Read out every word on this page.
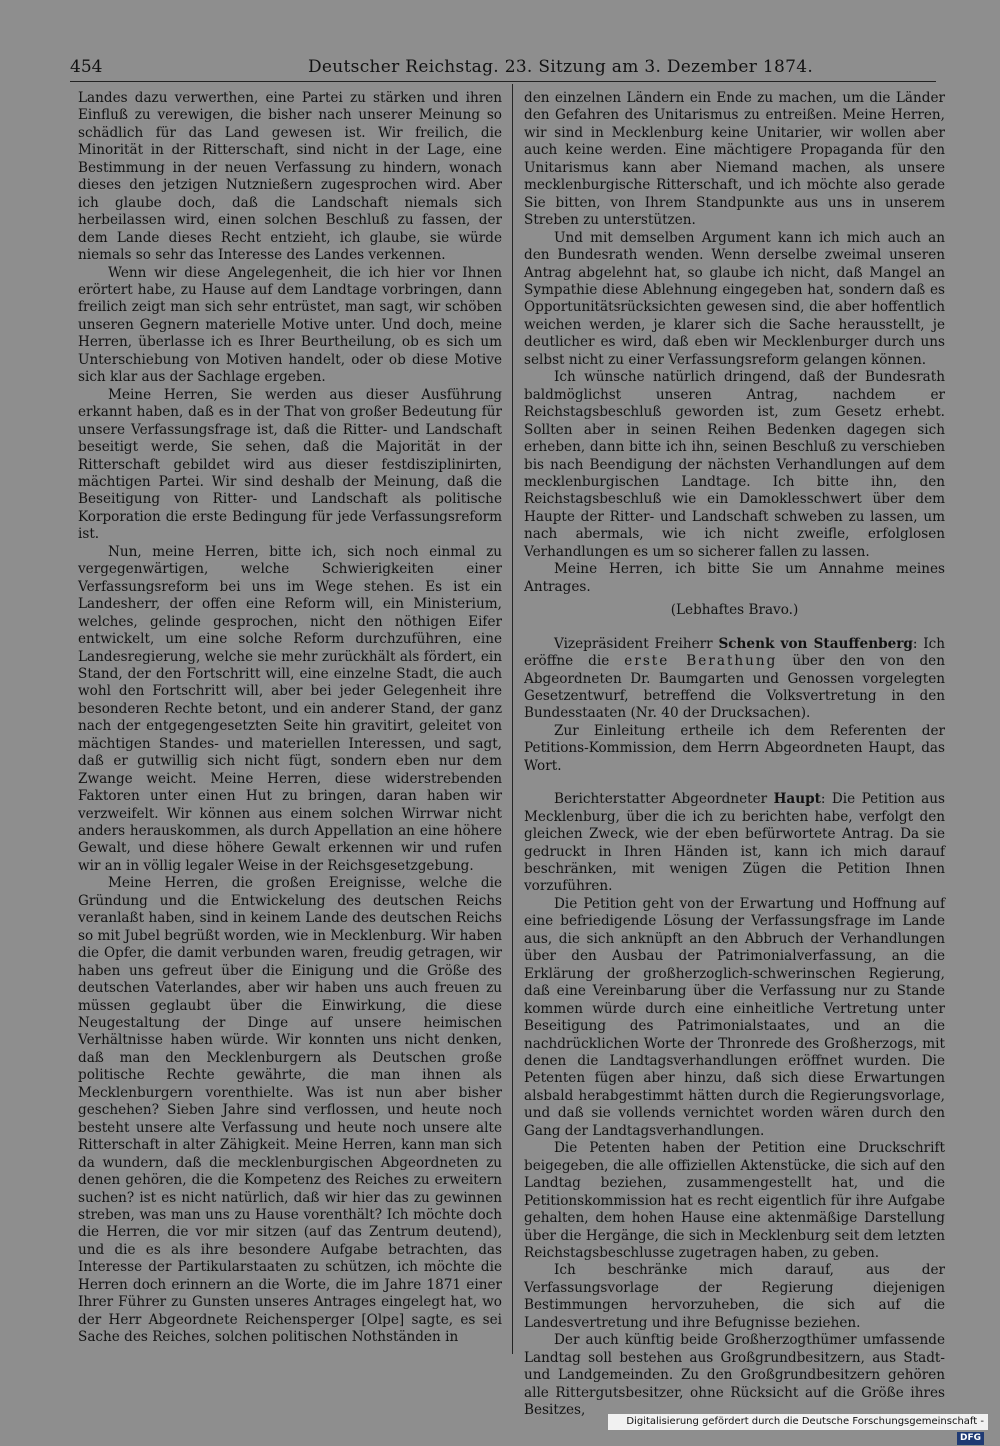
454	Deutscher Reichstag. 23. Sitzung am 3. Dezember 1874.

Landes dazu verwerthen, eine Partei zu stärken und ihren Einfluß zu verewigen, die bisher nach unserer Meinung so schädlich für das Land gewesen ist. Wir freilich, die Minorität in der Ritterschaft, sind nicht in der Lage, eine Bestimmung in der neuen Verfassung zu hindern, wonach dieses den jetzigen Nutznießern zugesprochen wird. Aber ich glaube doch, daß die Landschaft niemals sich herbeilassen wird, einen solchen Beschluß zu fassen, der dem Lande dieses Recht entzieht, ich glaube, sie würde niemals so sehr das Interesse des Landes verkennen.

Wenn wir diese Angelegenheit, die ich hier vor Ihnen erörtert habe, zu Hause auf dem Landtage vorbringen, dann freilich zeigt man sich sehr entrüstet, man sagt, wir schöben unseren Gegnern materielle Motive unter. Und doch, meine Herren, überlasse ich es Ihrer Beurtheilung, ob es sich um Unterschiebung von Motiven handelt, oder ob diese Motive sich klar aus der Sachlage ergeben.

Meine Herren, Sie werden aus dieser Ausführung erkannt haben, daß es in der That von großer Bedeutung für unsere Verfassungsfrage ist, daß die Ritter- und Landschaft beseitigt werde, Sie sehen, daß die Majorität in der Ritterschaft gebildet wird aus dieser festdisziplinirten, mächtigen Partei. Wir sind deshalb der Meinung, daß die Beseitigung von Ritter- und Landschaft als politische Korporation die erste Bedingung für jede Verfassungsreform ist.

Nun, meine Herren, bitte ich, sich noch einmal zu vergegenwärtigen, welche Schwierigkeiten einer Verfassungsreform bei uns im Wege stehen. Es ist ein Landesherr, der offen eine Reform will, ein Ministerium, welches, gelinde gesprochen, nicht den nöthigen Eifer entwickelt, um eine solche Reform durchzuführen, eine Landesregierung, welche sie mehr zurückhält als fördert, ein Stand, der den Fortschritt will, eine einzelne Stadt, die auch wohl den Fortschritt will, aber bei jeder Gelegenheit ihre besonderen Rechte betont, und ein anderer Stand, der ganz nach der entgegengesetzten Seite hin gravitirt, geleitet von mächtigen Standes- und materiellen Interessen, und sagt, daß er gutwillig sich nicht fügt, sondern eben nur dem Zwange weicht. Meine Herren, diese widerstrebenden Faktoren unter einen Hut zu bringen, daran haben wir verzweifelt. Wir können aus einem solchen Wirrwar nicht anders herauskommen, als durch Appellation an eine höhere Gewalt, und diese höhere Gewalt erkennen wir und rufen wir an in völlig legaler Weise in der Reichsgesetzgebung.

Meine Herren, die großen Ereignisse, welche die Gründung und die Entwickelung des deutschen Reichs veranlaßt haben, sind in keinem Lande des deutschen Reichs so mit Jubel begrüßt worden, wie in Mecklenburg. Wir haben die Opfer, die damit verbunden waren, freudig getragen, wir haben uns gefreut über die Einigung und die Größe des deutschen Vaterlandes, aber wir haben uns auch freuen zu müssen geglaubt über die Einwirkung, die diese Neugestaltung der Dinge auf unsere heimischen Verhältnisse haben würde. Wir konnten uns nicht denken, daß man den Mecklenburgern als Deutschen große politische Rechte gewährte, die man ihnen als Mecklenburgern vorenthielte. Was ist nun aber bisher geschehen? Sieben Jahre sind verflossen, und heute noch besteht unsere alte Verfassung und heute noch unsere alte Ritterschaft in alter Zähigkeit. Meine Herren, kann man sich da wundern, daß die mecklenburgischen Abgeordneten zu denen gehören, die die Kompetenz des Reiches zu erweitern suchen? ist es nicht natürlich, daß wir hier das zu gewinnen streben, was man uns zu Hause vorenthält? Ich möchte doch die Herren, die vor mir sitzen (auf das Zentrum deutend), und die es als ihre besondere Aufgabe betrachten, das Interesse der Partikularstaaten zu schützen, ich möchte die Herren doch erinnern an die Worte, die im Jahre 1871 einer Ihrer Führer zu Gunsten unseres Antrages eingelegt hat, wo der Herr Abgeordnete Reichensperger [Olpe] sagte, es sei Sache des Reiches, solchen politischen Nothständen in

den einzelnen Ländern ein Ende zu machen, um die Länder den Gefahren des Unitarismus zu entreißen. Meine Herren, wir sind in Mecklenburg keine Unitarier, wir wollen aber auch keine werden. Eine mächtigere Propaganda für den Unitarismus kann aber Niemand machen, als unsere mecklenburgische Ritterschaft, und ich möchte also gerade Sie bitten, von Ihrem Standpunkte aus uns in unserem Streben zu unterstützen.

Und mit demselben Argument kann ich mich auch an den Bundesrath wenden. Wenn derselbe zweimal unseren Antrag abgelehnt hat, so glaube ich nicht, daß Mangel an Sympathie diese Ablehnung eingegeben hat, sondern daß es Opportunitätsrücksichten gewesen sind, die aber hoffentlich weichen werden, je klarer sich die Sache herausstellt, je deutlicher es wird, daß eben wir Mecklenburger durch uns selbst nicht zu einer Verfassungsreform gelangen können.

Ich wünsche natürlich dringend, daß der Bundesrath baldmöglichst unseren Antrag, nachdem er Reichstagsbeschluß geworden ist, zum Gesetz erhebt. Sollten aber in seinen Reihen Bedenken dagegen sich erheben, dann bitte ich ihn, seinen Beschluß zu verschieben bis nach Beendigung der nächsten Verhandlungen auf dem mecklenburgischen Landtage. Ich bitte ihn, den Reichstagsbeschluß wie ein Damoklesschwert über dem Haupte der Ritter- und Landschaft schweben zu lassen, um nach abermals, wie ich nicht zweifle, erfolglosen Verhandlungen es um so sicherer fallen zu lassen.

Meine Herren, ich bitte Sie um Annahme meines Antrages.

(Lebhaftes Bravo.)

Vizepräsident Freiherr Schenk von Stauffenberg: Ich eröffne die erste Berathung über den von den Abgeordneten Dr. Baumgarten und Genossen vorgelegten Gesetzentwurf, betreffend die Volksvertretung in den Bundesstaaten (Nr. 40 der Drucksachen).

Zur Einleitung ertheile ich dem Referenten der Petitions-Kommission, dem Herrn Abgeordneten Haupt, das Wort.

Berichterstatter Abgeordneter Haupt: Die Petition aus Mecklenburg, über die ich zu berichten habe, verfolgt den gleichen Zweck, wie der eben befürwortete Antrag. Da sie gedruckt in Ihren Händen ist, kann ich mich darauf beschränken, mit wenigen Zügen die Petition Ihnen vorzuführen.

Die Petition geht von der Erwartung und Hoffnung auf eine befriedigende Lösung der Verfassungsfrage im Lande aus, die sich anknüpft an den Abbruch der Verhandlungen über den Ausbau der Patrimonialverfassung, an die Erklärung der großherzoglich-schwerinschen Regierung, daß eine Vereinbarung über die Verfassung nur zu Stande kommen würde durch eine einheitliche Vertretung unter Beseitigung des Patrimonialstaates, und an die nachdrücklichen Worte der Thronrede des Großherzogs, mit denen die Landtagsverhandlungen eröffnet wurden. Die Petenten fügen aber hinzu, daß sich diese Erwartungen alsbald herabgestimmt hätten durch die Regierungsvorlage, und daß sie vollends vernichtet worden wären durch den Gang der Landtagsverhandlungen.

Die Petenten haben der Petition eine Druckschrift beigegeben, die alle offiziellen Aktenstücke, die sich auf den Landtag beziehen, zusammengestellt hat, und die Petitionskommission hat es recht eigentlich für ihre Aufgabe gehalten, dem hohen Hause eine aktenmäßige Darstellung über die Hergänge, die sich in Mecklenburg seit dem letzten Reichstagsbeschlusse zugetragen haben, zu geben.

Ich beschränke mich darauf, aus der Verfassungsvorlage der Regierung diejenigen Bestimmungen hervorzuheben, die sich auf die Landesvertretung und ihre Befugnisse beziehen.

Der auch künftig beide Großherzogthümer umfassende Landtag soll bestehen aus Großgrundbesitzern, aus Stadt- und Landgemeinden. Zu den Großgrundbesitzern gehören alle Rittergutsbesitzer, ohne Rücksicht auf die Größe ihres Besitzes,

Digitalisierung gefördert durch die Deutsche Forschungsgemeinschaft -DFG
